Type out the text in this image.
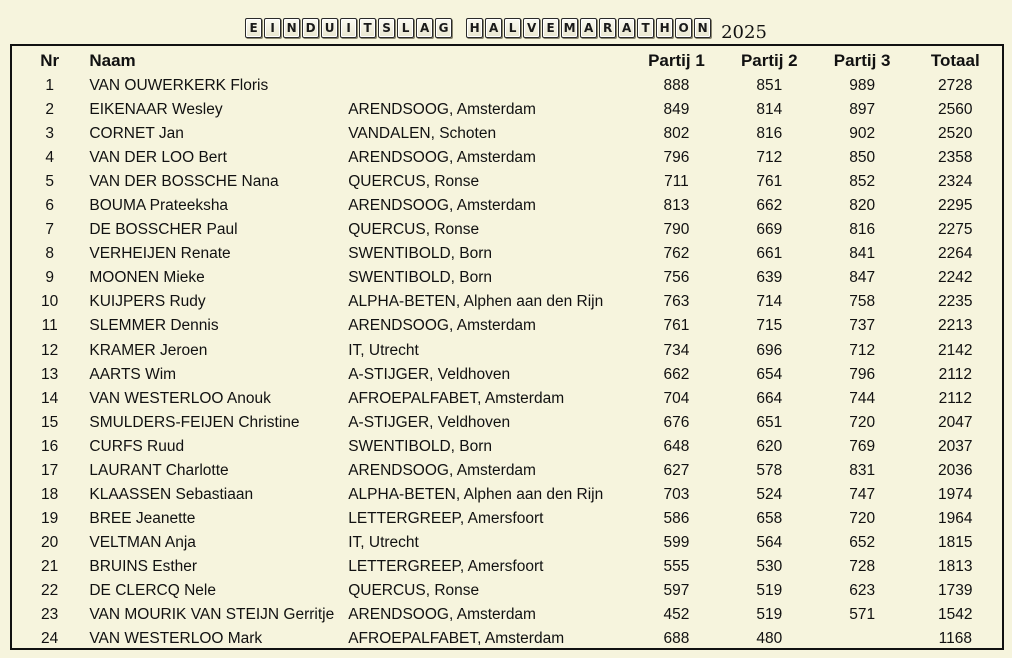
E	I N D U I	T S L A G H A L V E M A R A T H O N 2025
Nr	Naam		Partij 1	Partij 2	Partij 3	Totaal
1	VAN OUWERKERK Floris		888	851	989	2728
2	EIKENAAR Wesley	ARENDSOOG, Amsterdam	849	814	897	2560
3	CORNET Jan	VANDALEN, Schoten	802	816	902	2520
4	VAN DER LOO Bert	ARENDSOOG, Amsterdam	796	712	850	2358
5	VAN DER BOSSCHE Nana	QUERCUS, Ronse	711	761	852	2324
6	BOUMA Prateeksha	ARENDSOOG, Amsterdam	813	662	820	2295
7	DE BOSSCHER Paul	QUERCUS, Ronse	790	669	816	2275
8	VERHEIJEN Renate	SWENTIBOLD, Born	762	661	841	2264
9	MOONEN Mieke	SWENTIBOLD, Born	756	639	847	2242
10	KUIJPERS Rudy	ALPHA-BETEN, Alphen aan den Rijn	763	714	758	2235
11	SLEMMER Dennis	ARENDSOOG, Amsterdam	761	715	737	2213
12	KRAMER Jeroen	IT, Utrecht	734	696	712	2142
13	AARTS Wim	A-STIJGER, Veldhoven	662	654	796	2112
14	VAN WESTERLOO Anouk	AFROEPALFABET, Amsterdam	704	664	744	2112
15	SMULDERS-FEIJEN Christine	A-STIJGER, Veldhoven	676	651	720	2047
16	CURFS Ruud	SWENTIBOLD, Born	648	620	769	2037
17	LAURANT Charlotte	ARENDSOOG, Amsterdam	627	578	831	2036
18	KLAASSEN Sebastiaan	ALPHA-BETEN, Alphen aan den Rijn	703	524	747	1974
19	BREE Jeanette	LETTERGREEP, Amersfoort	586	658	720	1964
20	VELTMAN Anja	IT, Utrecht	599	564	652	1815
21	BRUINS Esther	LETTERGREEP, Amersfoort	555	530	728	1813
22	DE CLERCQ Nele	QUERCUS, Ronse	597	519	623	1739
23	VAN MOURIK VAN STEIJN Gerritje	ARENDSOOG, Amsterdam	452	519	571	1542
24	VAN WESTERLOO Mark	AFROEPALFABET, Amsterdam	688	480		1168
